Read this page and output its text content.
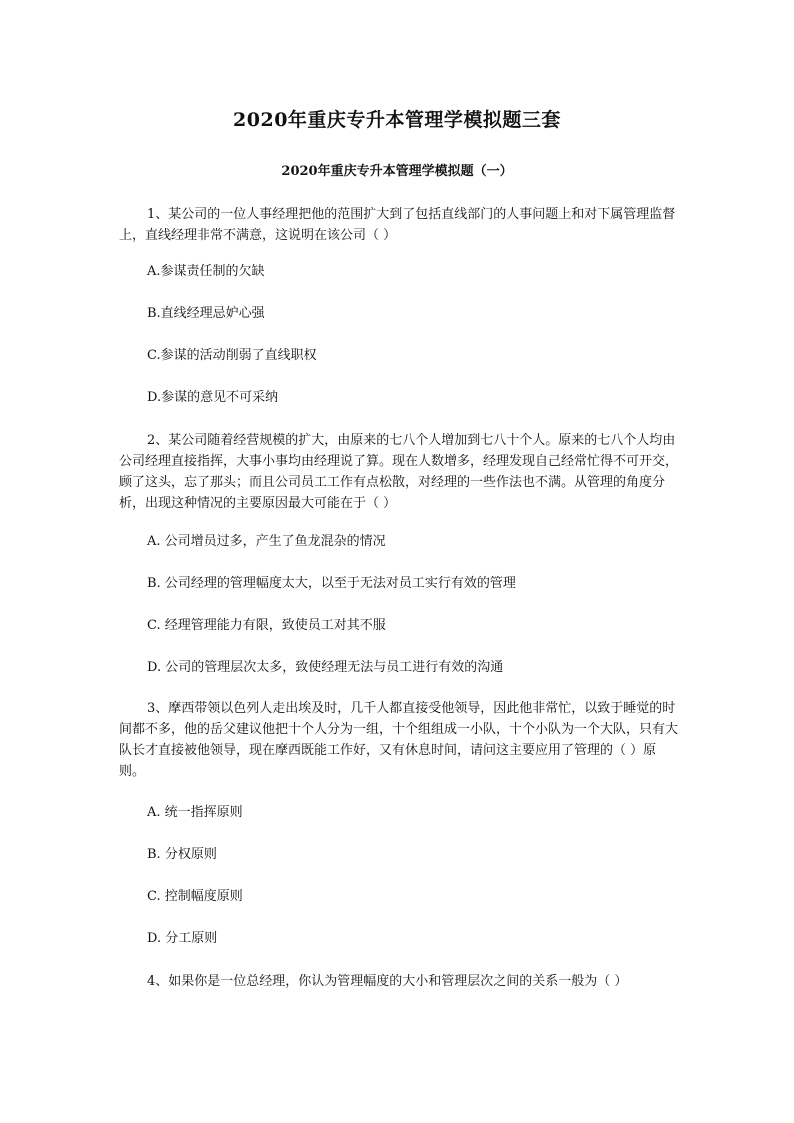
2020年重庆专升本管理学模拟题三套
2020年重庆专升本管理学模拟题（一）

1、某公司的一位人事经理把他的范围扩大到了包括直线部门的人事问题上和对下属管理监督上，直线经理非常不满意，这说明在该公司（ ）

A.参谋责任制的欠缺

B.直线经理忌妒心强

C.参谋的活动削弱了直线职权

D.参谋的意见不可采纳

2、某公司随着经营规模的扩大，由原来的七八个人增加到七八十个人。原来的七八个人均由公司经理直接指挥，大事小事均由经理说了算。现在人数增多，经理发现自己经常忙得不可开交，顾了这头，忘了那头；而且公司员工工作有点松散，对经理的一些作法也不满。从管理的角度分析，出现这种情况的主要原因最大可能在于（ ）

A. 公司增员过多，产生了鱼龙混杂的情况

B. 公司经理的管理幅度太大，以至于无法对员工实行有效的管理

C. 经理管理能力有限，致使员工对其不服

D. 公司的管理层次太多，致使经理无法与员工进行有效的沟通

3、摩西带领以色列人走出埃及时，几千人都直接受他领导，因此他非常忙，以致于睡觉的时间都不多，他的岳父建议他把十个人分为一组，十个组组成一小队，十个小队为一个大队，只有大队长才直接被他领导，现在摩西既能工作好，又有休息时间，请问这主要应用了管理的（ ）原则。

A. 统一指挥原则

B. 分权原则

C. 控制幅度原则

D. 分工原则

4、如果你是一位总经理，你认为管理幅度的大小和管理层次之间的关系一般为（ ）
